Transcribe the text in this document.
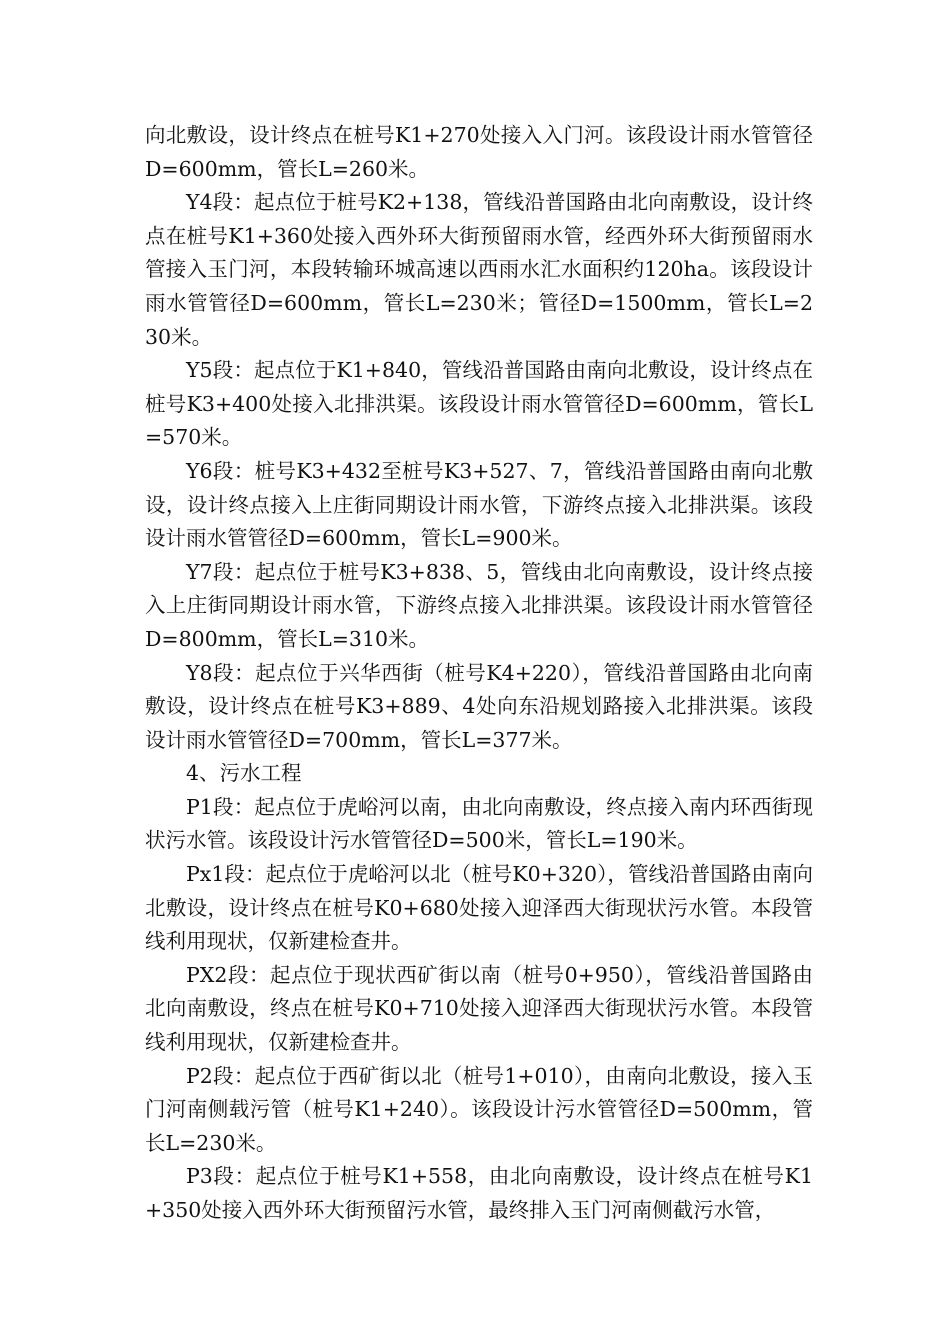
向北敷设，设计终点在桩号K1+270处接入入门河。该段设计雨水管管径D=600mm，管长L=260米。

Y4段：起点位于桩号K2+138，管线沿普国路由北向南敷设，设计终点在桩号K1+360处接入西外环大街预留雨水管，经西外环大街预留雨水管接入玉门河，本段转输环城高速以西雨水汇水面积约120ha。该段设计雨水管管径D=600mm，管长L=230米；管径D=1500mm，管长L=230米。

Y5段：起点位于K1+840，管线沿普国路由南向北敷设，设计终点在桩号K3+400处接入北排洪渠。该段设计雨水管管径D=600mm，管长L=570米。

Y6段：桩号K3+432至桩号K3+527、7，管线沿普国路由南向北敷设，设计终点接入上庄街同期设计雨水管，下游终点接入北排洪渠。该段设计雨水管管径D=600mm，管长L=900米。

Y7段：起点位于桩号K3+838、5，管线由北向南敷设，设计终点接入上庄街同期设计雨水管，下游终点接入北排洪渠。该段设计雨水管管径D=800mm，管长L=310米。

Y8段：起点位于兴华西街（桩号K4+220），管线沿普国路由北向南敷设，设计终点在桩号K3+889、4处向东沿规划路接入北排洪渠。该段设计雨水管管径D=700mm，管长L=377米。

4、污水工程

P1段：起点位于虎峪河以南，由北向南敷设，终点接入南内环西街现状污水管。该段设计污水管管径D=500米，管长L=190米。

Px1段：起点位于虎峪河以北（桩号K0+320），管线沿普国路由南向北敷设，设计终点在桩号K0+680处接入迎泽西大街现状污水管。本段管线利用现状，仅新建检查井。

PX2段：起点位于现状西矿街以南（桩号0+950），管线沿普国路由北向南敷设，终点在桩号K0+710处接入迎泽西大街现状污水管。本段管线利用现状，仅新建检查井。

P2段：起点位于西矿街以北（桩号1+010），由南向北敷设，接入玉门河南侧载污管（桩号K1+240）。该段设计污水管管径D=500mm，管长L=230米。

P3段：起点位于桩号K1+558，由北向南敷设，设计终点在桩号K1+350处接入西外环大街预留污水管，最终排入玉门河南侧截污水管，
